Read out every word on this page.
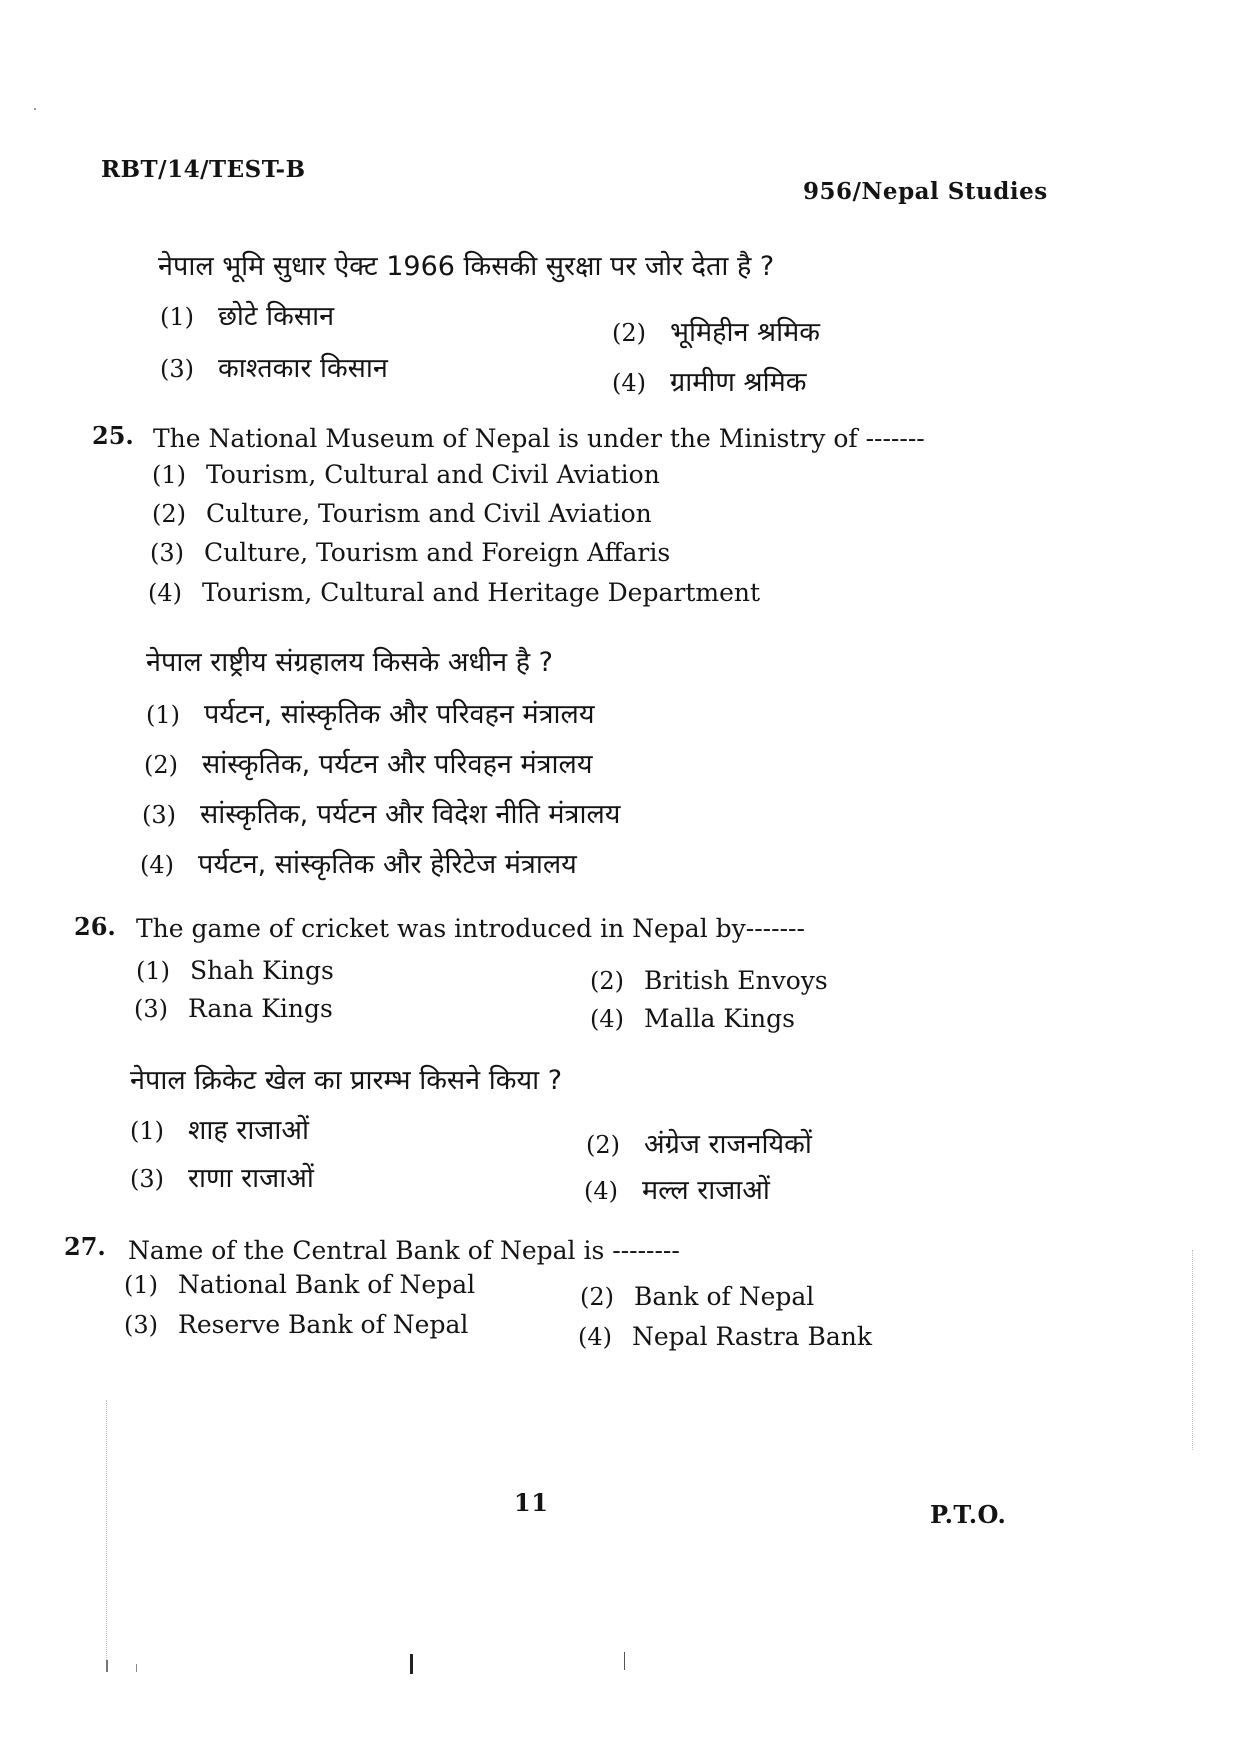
RBT/14/TEST-B
956/Nepal Studies
नेपाल भूमि सुधार ऐक्ट 1966 किसकी सुरक्षा पर जोर देता है ?
(1) छोटे किसान
(2) भूमिहीन श्रमिक
(3) काश्तकार किसान	(4) ग्रामीण श्रमिक
25. The National Museum of Nepal is under the Ministry of -------
(1) Tourism, Cultural and Civil Aviation
(2) Culture, Tourism and Civil Aviation
(3) Culture, Tourism and Foreign Affaris
(4) Tourism, Cultural and Heritage Department
नेपाल राष्ट्रीय संग्रहालय किसके अधीन है ?
(1) पर्यटन, सांस्कृतिक और परिवहन मंत्रालय
(2) सांस्कृतिक, पर्यटन और परिवहन मंत्रालय
(3) सांस्कृतिक, पर्यटन और विदेश नीति मंत्रालय
(4) पर्यटन, सांस्कृतिक और हेरिटेज मंत्रालय
26. The game of cricket was introduced in Nepal by-------
(1) Shah Kings	(2) British Envoys
(3) Rana Kings	(4) Malla Kings
नेपाल क्रिकेट खेल का प्रारम्भ किसने किया ?
(1) शाह राजाओं	(2) अंग्रेज राजनयिकों
(3) राणा राजाओं	(4) मल्ल राजाओं
27. Name of the Central Bank of Nepal is --------
(1) National Bank of Nepal	(2) Bank of Nepal
(3) Reserve Bank of Nepal	(4) Nepal Rastra Bank
11	P.T.O.
